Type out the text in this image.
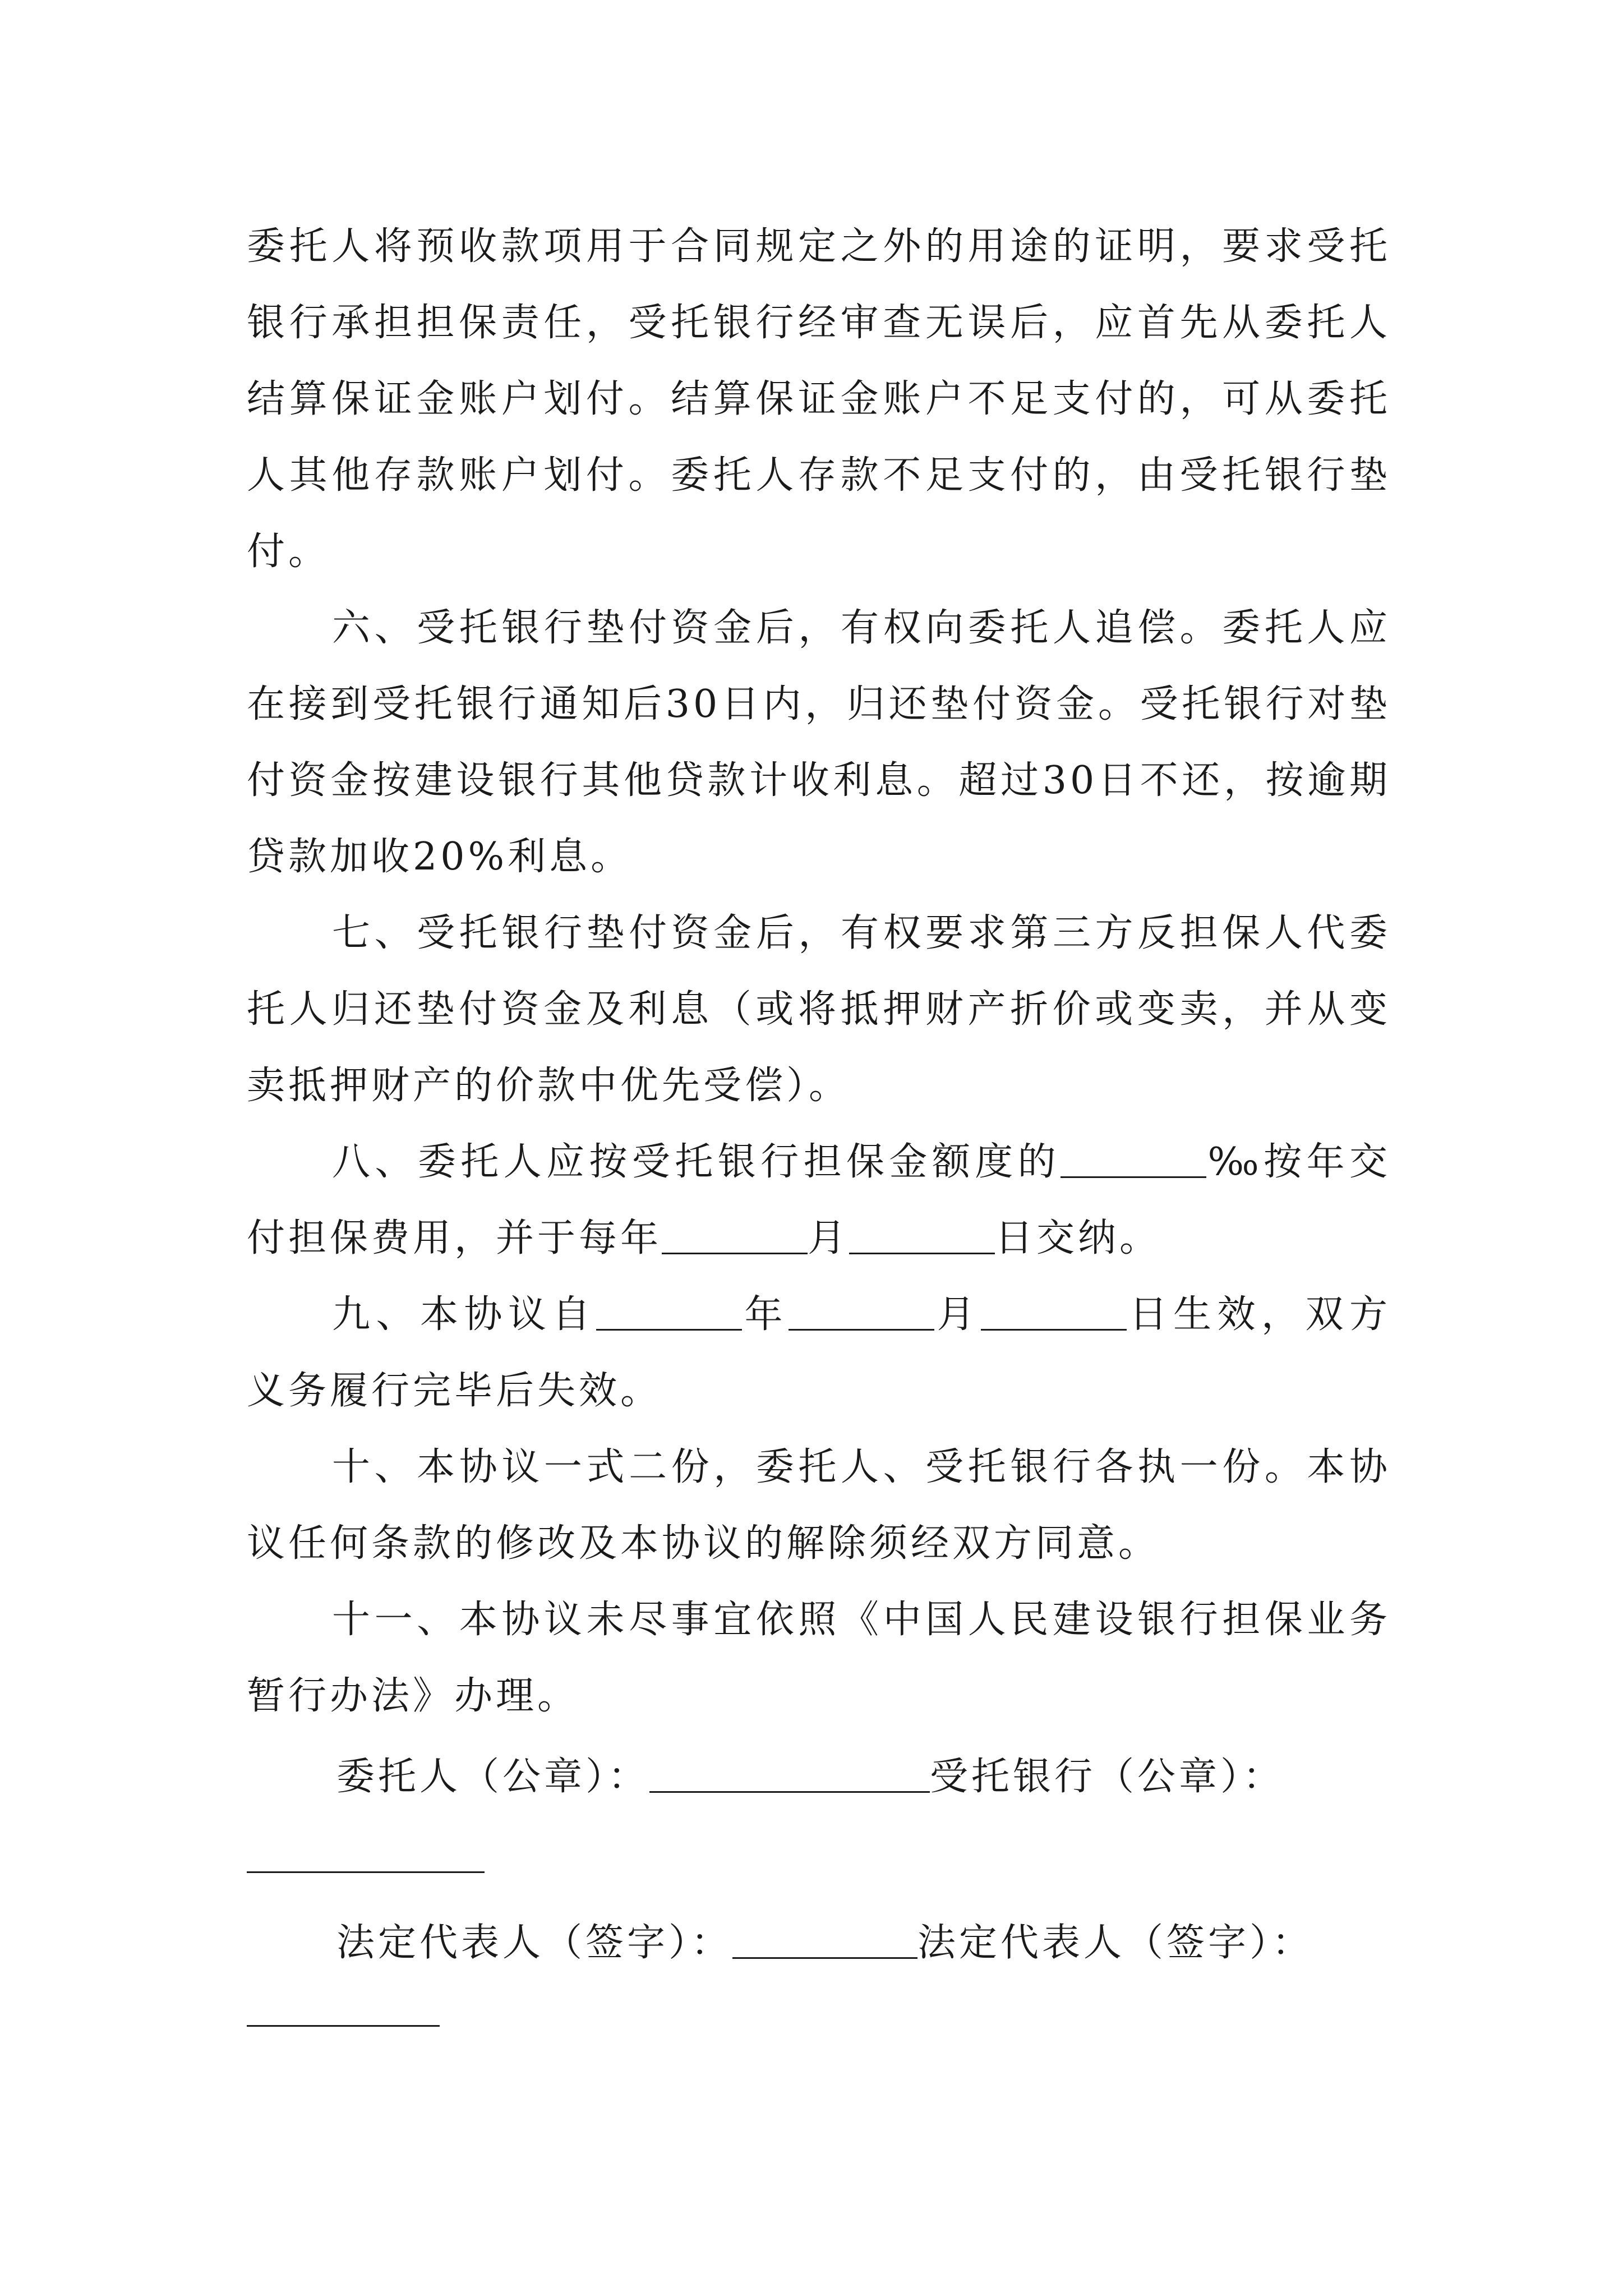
委托人将预收款项用于合同规定之外的用途的证明，要求受托银行承担担保责任，受托银行经审查无误后，应首先从委托人结算保证金账户划付。结算保证金账户不足支付的，可从委托人其他存款账户划付。委托人存款不足支付的，由受托银行垫付。

六、受托银行垫付资金后，有权向委托人追偿。委托人应在接到受托银行通知后30日内，归还垫付资金。受托银行对垫付资金按建设银行其他贷款计收利息。超过30日不还，按逾期贷款加收20%利息。

七、受托银行垫付资金后，有权要求第三方反担保人代委托人归还垫付资金及利息（或将抵押财产折价或变卖，并从变卖抵押财产的价款中优先受偿）。

八、委托人应按受托银行担保金额度的	‰按年交付担保费用，并于每年	月	日交纳。

九、本协议自	年	月	日生效，双方义务履行完毕后失效。

十、本协议一式二份，委托人、受托银行各执一份。本协议任何条款的修改及本协议的解除须经双方同意。

十一、本协议未尽事宜依照《中国人民建设银行担保业务暂行办法》办理。

委托人（公章）：	受托银行（公章）：
法定代表人（签字）：	法定代表人（签字）：
